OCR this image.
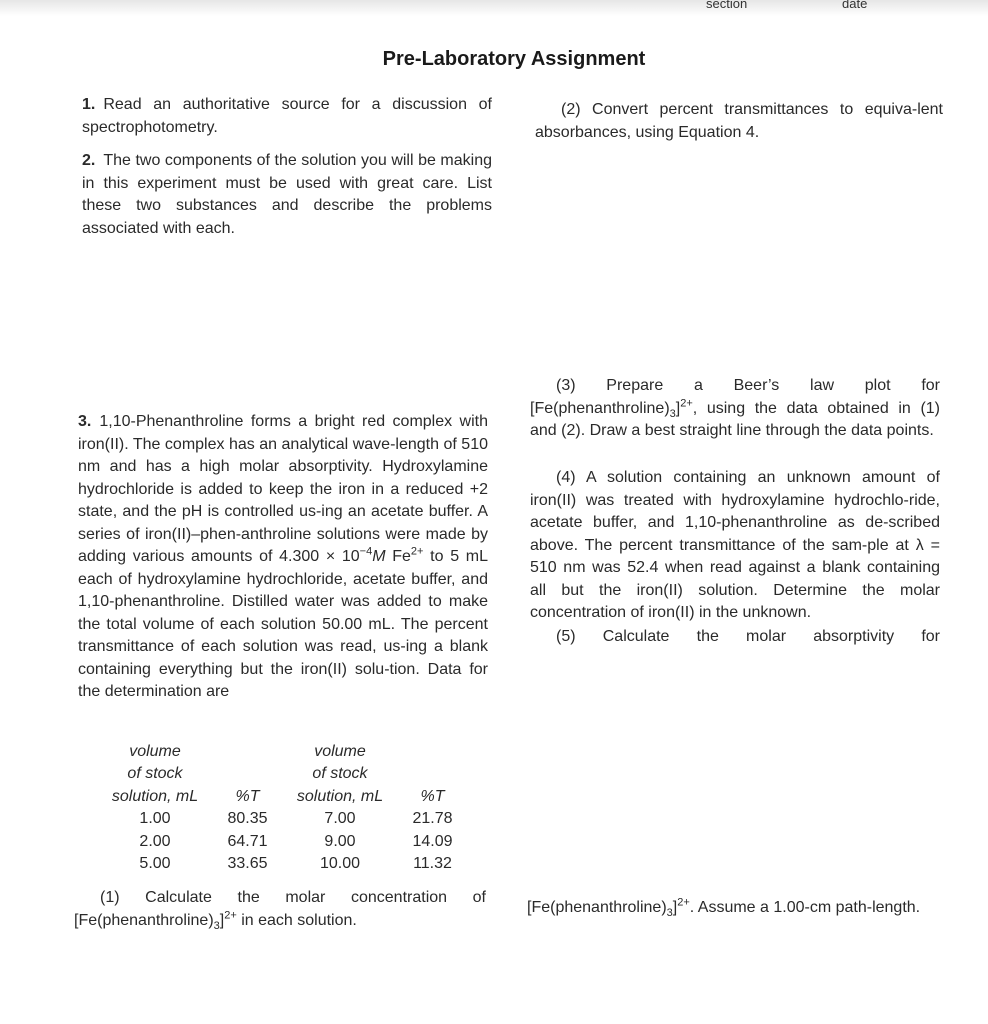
section	date
Pre-Laboratory Assignment
1. Read an authoritative source for a discussion of spectrophotometry.
2. The two components of the solution you will be making in this experiment must be used with great care. List these two substances and describe the problems associated with each.
3. 1,10-Phenanthroline forms a bright red complex with iron(II). The complex has an analytical wave-length of 510 nm and has a high molar absorptivity. Hydroxylamine hydrochloride is added to keep the iron in a reduced +2 state, and the pH is controlled us-ing an acetate buffer. A series of iron(II)–phen-anthroline solutions were made by adding various amounts of $4.300 \times 10^{-4}M$ $Fe^{2+}$ to 5 mL each of hydroxylamine hydrochloride, acetate buffer, and 1,10-phenanthroline. Distilled water was added to make the total volume of each solution 50.00 mL. The percent transmittance of each solution was read, us-ing a blank containing everything but the iron(II) solu-tion. Data for the determination are
volume		volume	
of stock		of stock	
solution, mL	%T	solution, mL	%T
1.00	80.35	7.00	21.78
2.00	64.71	9.00	14.09
5.00	33.65	10.00	11.32
(1) Calculate the molar concentration of $[Fe(phenanthroline)_3]^{2+}$ in each solution.
(2) Convert percent transmittances to equiva-lent absorbances, using Equation 4.
(3) Prepare a Beer’s law plot for $[Fe(phenanthroline)_3]^{2+}$, using the data obtained in (1) and (2). Draw a best straight line through the data points.
(4) A solution containing an unknown amount of iron(II) was treated with hydroxylamine hydrochlo-ride, acetate buffer, and 1,10-phenanthroline as de-scribed above. The percent transmittance of the sam-ple at λ = 510 nm was 52.4 when read against a blank containing all but the iron(II) solution. Determine the molar concentration of iron(II) in the unknown.
(5) Calculate the molar absorptivity for
$[Fe(phenanthroline)_3]^{2+}$. Assume a 1.00-cm path-length.
